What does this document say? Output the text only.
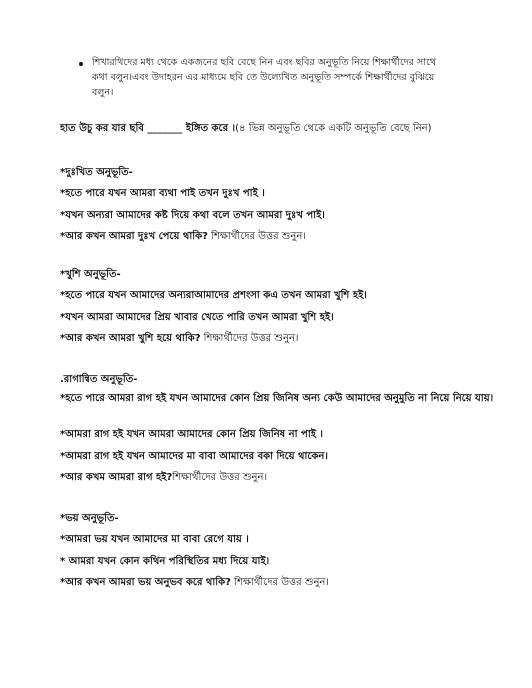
শিখারথিদের মধ্য থেকে একজনের ছবি বেছে নিন এবং ছবির অনুভূতি নিয়ে শিক্ষার্থীদের সাথে
কথা বলুন।এবং উদাহরন এর মাধ্যমে ছবি তে উল্যেখিত অনুভূতি সম্পর্কে শিক্ষার্থীদের বুঝিয়ে
বলুন।
হাত উচু কর যার ছবি _______ ইঙ্গিত করে ।(৪ ভিন্ন অনুভূতি থেকে একটি অনুভূতি বেছে নিন)
*দুঃখিত অনুভূতি-
*হতে পারে যখন আমরা ব্যথা পাই তখন দুঃখ পাই ।
*যখন অন্যরা আমাদের কষ্ট দিয়ে কথা বলে তখন আমরা দুঃখ পাই।
*আর কখন আমরা দুঃখ পেয়ে থাকি? শিক্ষার্থীদের উত্তর শুনুন।
*খুশি অনুভূতি-
*হতে পারে যখন আমাদের অন্যরাআমাদের প্রশংসা কএ তখন আমরা খুশি হই।
*যখন আমরা আমাদের প্রিয় খাবার খেতে পারি তখন আমরা খুশি হই।
*আর কখন আমরা খুশি হয়ে থাকি? শিক্ষার্থীদের উত্তর শুনুন।
.রাগান্বিত অনুভূতি-
*হতে পারে আমরা রাগ হই যখন আমাদের কোন প্রিয় জিনিষ অন্য কেউ আমাদের অনুমুতি না নিয়ে নিয়ে যায়।
*আমরা রাগ হই যখন আমরা আমাদের কোন প্রিয় জিনিষ না পাই ।
*আমরা রাগ হই যখন আমাদের মা বাবা আমাদের বকা দিয়ে থাকেন।
*আর কখম আমরা রাগ হই?শিক্ষার্থীদের উত্তর শুনুন।
*ভয় অনুভূতি-
*আমরা ভয় যখন আমাদের মা বাবা রেগে যায় ।
* আমরা যখন কোন কথিন পরিস্থিতির মধ্য দিয়ে যাই।
*আর কখন আমরা ভয় অনুভব করে থাকি? শিক্ষার্থীদের উত্তর শুনুন।
